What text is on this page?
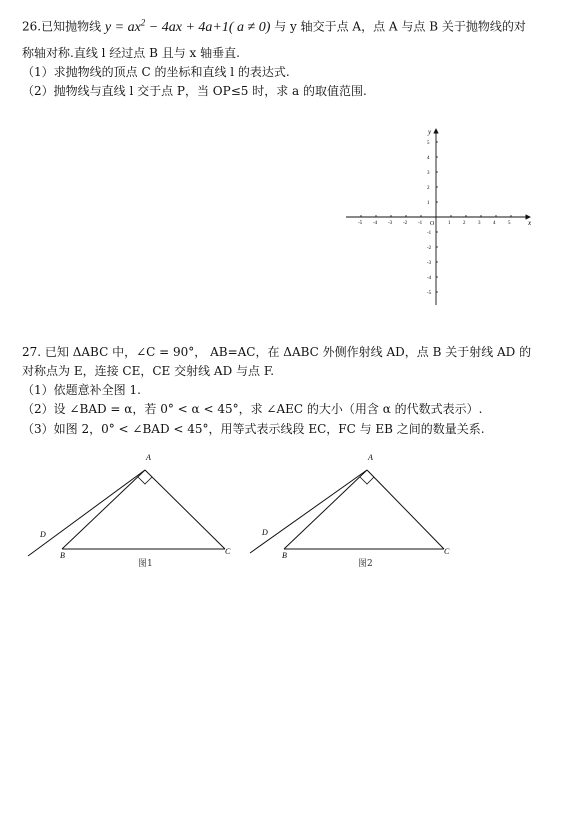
26.已知抛物线 $y = ax^2 - 4ax + 4a+1$( a ≠ 0) 与 y 轴交于点 A，点 A 与点 B 关于抛物线的对
称轴对称.直线 l 经过点 B 且与 x 轴垂直.
（1）求抛物线的顶点 C 的坐标和直线 l 的表达式.
（2）抛物线与直线 l 交于点 P，当 OP≤5 时，求 a 的取值范围.
-5 -4 -3 -2 -1	1	2	3	4	5
5
4
3
2
1
-1
-2
-3
-4
-5
x
y
O
27. 已知 ΔABC 中，∠C = 90°， AB=AC，在 ΔABC 外侧作射线 AD，点 B 关于射线 AD 的
对称点为 E，连接 CE，CE 交射线 AD 与点 F.
（1）依题意补全图 1.
（2）设 ∠BAD = α，若 0° < α < 45°，求 ∠AEC 的大小（用含 α 的代数式表示）.
（3）如图 2，0° < ∠BAD < 45°，用等式表示线段 EC，FC 与 EB 之间的数量关系.
A
B	C
D
图1
A
B	C
D
图2
